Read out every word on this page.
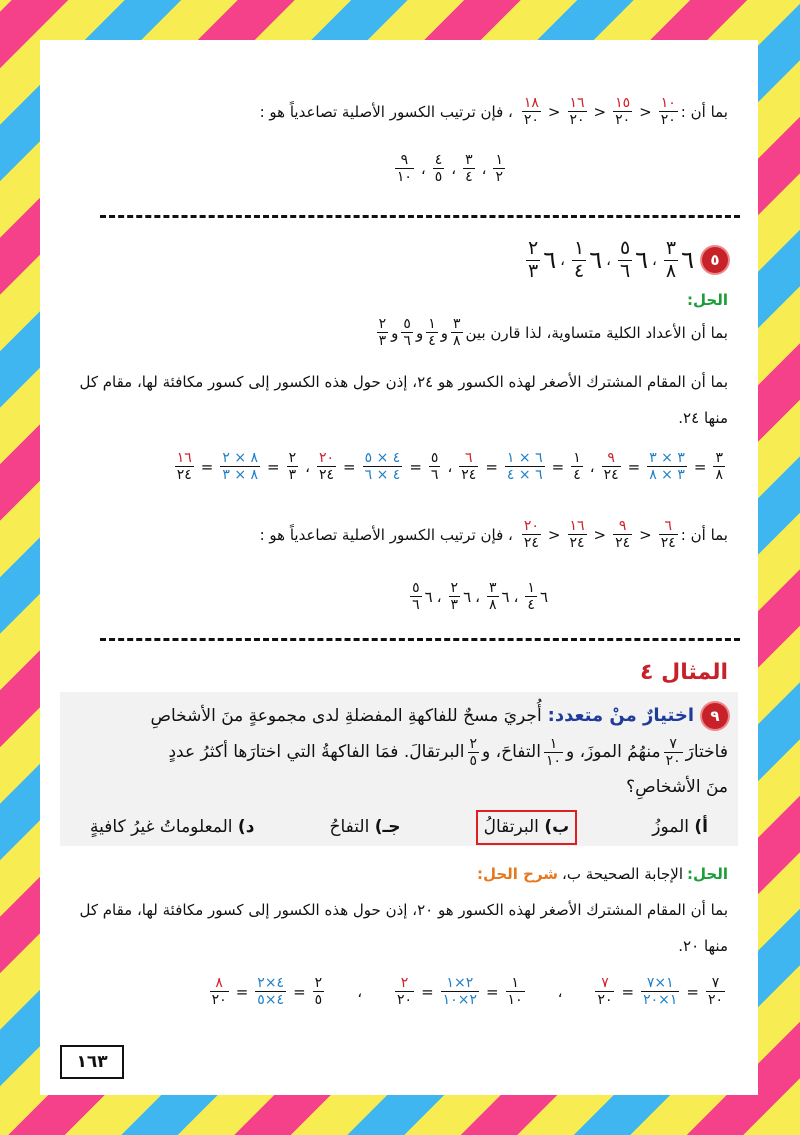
بما أن :
$\frac{١٠}{٢٠}$
<
$\frac{١٥}{٢٠}$
<
$\frac{١٦}{٢٠}$
<
$\frac{١٨}{٢٠}$
، فإن ترتيب الكسور الأصلية تصاعدياً هو :
$\frac{١}{٢}$
،
$\frac{٣}{٤}$
،
$\frac{٤}{٥}$
،
$\frac{٩}{١٠}$
٥
٦
$\frac{٣}{٨}$
،
٦
$\frac{٥}{٦}$
،
٦
$\frac{١}{٤}$
،
٦
$\frac{٢}{٣}$
الحل:
بما أن الأعداد الكلية متساوية، لذا قارن بين
$\frac{٣}{٨}$
و
$\frac{١}{٤}$
و
$\frac{٥}{٦}$
و
$\frac{٢}{٣}$
بما أن المقام المشترك الأصغر لهذه الكسور هو ٢٤، إذن حول هذه الكسور إلى كسور مكافئة لها، مقام كل
منها ٢٤.
$\frac{٣}{٨}$
=
$\frac{٣ \times ٣}{٣ \times ٨}$
=
$\frac{٩}{٢٤}$
،
$\frac{١}{٤}$
=
$\frac{٦ \times ١}{٦ \times ٤}$
=
$\frac{٦}{٢٤}$
،
$\frac{٥}{٦}$
=
$\frac{٤ \times ٥}{٤ \times ٦}$
=
$\frac{٢٠}{٢٤}$
،
$\frac{٢}{٣}$
=
$\frac{٨ \times ٢}{٨ \times ٣}$
=
$\frac{١٦}{٢٤}$
بما أن :
$\frac{٦}{٢٤}$
<
$\frac{٩}{٢٤}$
<
$\frac{١٦}{٢٤}$
<
$\frac{٢٠}{٢٤}$
، فإن ترتيب الكسور الأصلية تصاعدياً هو :
٦
$\frac{١}{٤}$
،
٦
$\frac{٣}{٨}$
،
٦
$\frac{٢}{٣}$
،
٦
$\frac{٥}{٦}$
المثال ٤
٩
اختيارٌ منْ متعدد:
أُجريَ مسحٌ للفاكهةِ المفضلةِ لدى مجموعةٍ منَ الأشخاصِ
فاختارَ
$\frac{٧}{٢٠}$
منهُمُ الموزَ، و
$\frac{١}{١٠}$
التفاحَ، و
$\frac{٢}{٥}$
البرتقالَ. فمَا الفاكهةُ التي اختارَها أكثرُ عددٍ
منَ الأشخاصِ؟
أ) الموزُ
ب) البرتقالُ
جـ) التفاحُ
د) المعلوماتُ غيرُ كافيةٍ
الحل:
الإجابة الصحيحة ب،
شرح الحل:
بما أن المقام المشترك الأصغر لهذه الكسور هو ٢٠، إذن حول هذه الكسور إلى كسور مكافئة لها، مقام كل
منها ٢٠.
$\frac{٧}{٢٠}$
=
$\frac{١\times ٧}{١\times ٢٠}$
=
$\frac{٧}{٢٠}$
،
$\frac{١}{١٠}$
=
$\frac{٢\times ١}{٢\times ١٠}$
=
$\frac{٢}{٢٠}$
،
$\frac{٢}{٥}$
=
$\frac{٤\times ٢}{٤\times ٥}$
=
$\frac{٨}{٢٠}$
١٦٣
